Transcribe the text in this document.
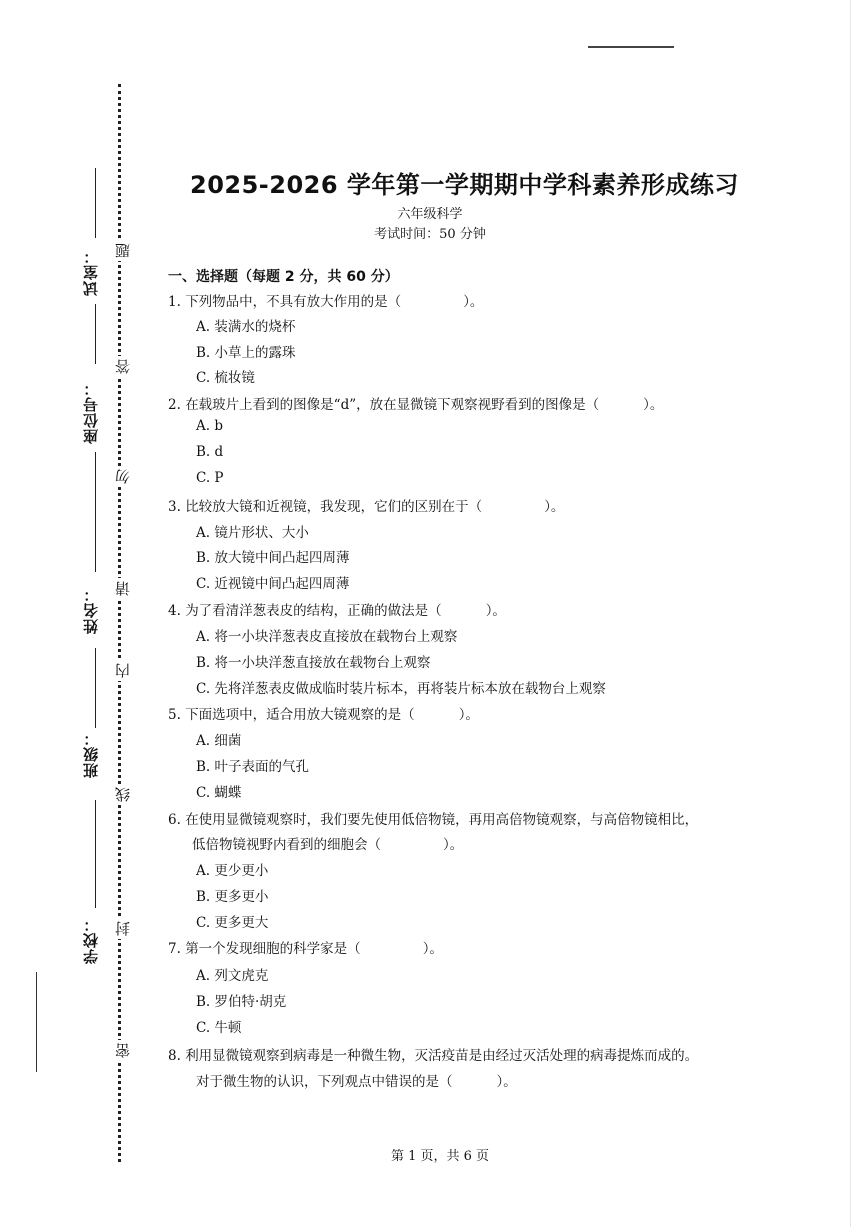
试室：
座位号：
姓名：
班级：
学校：
题
答
勿
请
内
线
封
密
2025-2026 学年第一学期期中学科素养形成练习
六年级科学
考试时间：50 分钟
一、选择题（每题 2 分，共 60 分）
1. 下列物品中，不具有放大作用的是（	）。
A. 装满水的烧杯
B. 小草上的露珠
C. 梳妆镜
2. 在载玻片上看到的图像是“d”，放在显微镜下观察视野看到的图像是（	）。
A. b
B. d
C. P
3. 比较放大镜和近视镜，我发现，它们的区别在于（	）。
A. 镜片形状、大小
B. 放大镜中间凸起四周薄
C. 近视镜中间凸起四周薄
4. 为了看清洋葱表皮的结构，正确的做法是（	）。
A. 将一小块洋葱表皮直接放在载物台上观察
B. 将一小块洋葱直接放在载物台上观察
C. 先将洋葱表皮做成临时装片标本，再将装片标本放在载物台上观察
5. 下面选项中，适合用放大镜观察的是（	）。
A. 细菌
B. 叶子表面的气孔
C. 蝴蝶
6. 在使用显微镜观察时，我们要先使用低倍物镜，再用高倍物镜观察，与高倍物镜相比，
低倍物镜视野内看到的细胞会（	）。
A. 更少更小
B. 更多更小
C. 更多更大
7. 第一个发现细胞的科学家是（	）。
A. 列文虎克
B. 罗伯特·胡克
C. 牛顿
8. 利用显微镜观察到病毒是一种微生物，灭活疫苗是由经过灭活处理的病毒提炼而成的。
对于微生物的认识，下列观点中错误的是（	）。
第 1 页，共 6 页
